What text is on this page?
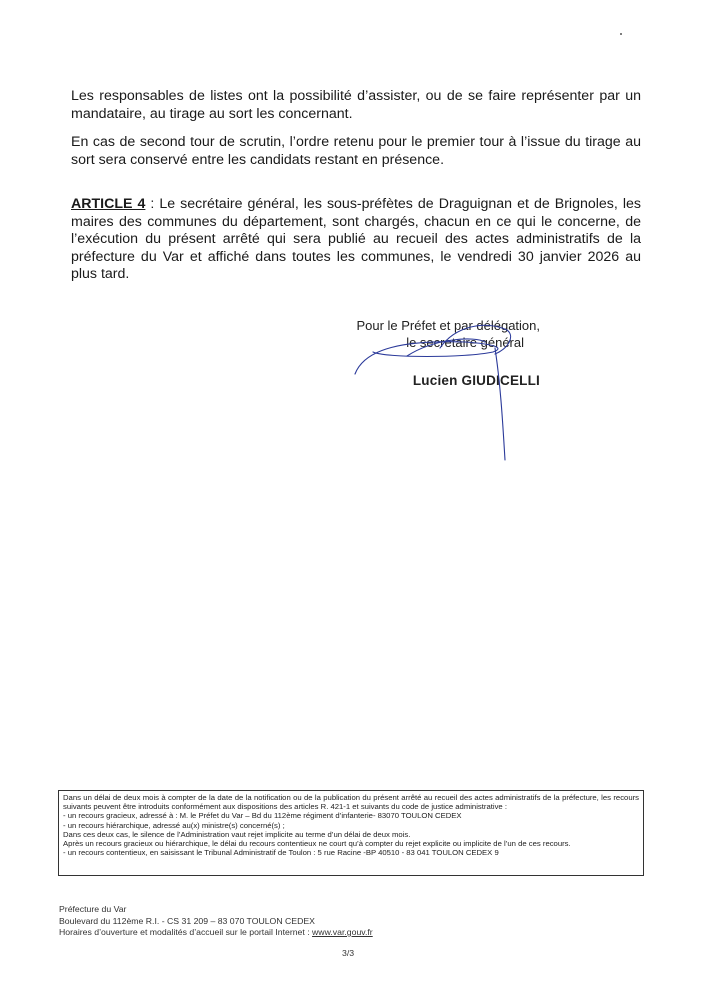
Les responsables de listes ont la possibilité d’assister, ou de se faire représenter par un mandataire, au tirage au sort les concernant.

En cas de second tour de scrutin, l’ordre retenu pour le premier tour à l’issue du tirage au sort sera conservé entre les candidats restant en présence.

ARTICLE 4 : Le secrétaire général, les sous-préfètes de Draguignan et de Brignoles, les maires des communes du département, sont chargés, chacun en ce qui le concerne, de l’exécution du présent arrêté qui sera publié au recueil des actes administratifs de la préfecture du Var et affiché dans toutes les communes, le vendredi 30 janvier 2026 au plus tard.

Pour le Préfet et par délégation,
le secrétaire général
Lucien GIUDICELLI

Dans un délai de deux mois à compter de la date de la notification ou de la publication du présent arrêté au recueil des actes administratifs de la préfecture, les recours suivants peuvent être introduits conformément aux dispositions des articles R. 421-1 et suivants du code de justice administrative :

- un recours gracieux, adressé à : M. le Préfet du Var – Bd du 112ème régiment d’infanterie- 83070 TOULON CEDEX

- un recours hiérarchique, adressé au(x) ministre(s) concerné(s) ;

Dans ces deux cas, le silence de l’Administration vaut rejet implicite au terme d’un délai de deux mois.

Après un recours gracieux ou hiérarchique, le délai du recours contentieux ne court qu’à compter du rejet explicite ou implicite de l’un de ces recours.

- un recours contentieux, en saisissant le Tribunal Administratif de Toulon : 5 rue Racine -BP 40510 - 83 041 TOULON CEDEX 9

Préfecture du Var

Boulevard du 112ème R.I. - CS 31 209 – 83 070 TOULON CEDEX

Horaires d’ouverture et modalités d’accueil sur le portail Internet : www.var.gouv.fr

3/3
